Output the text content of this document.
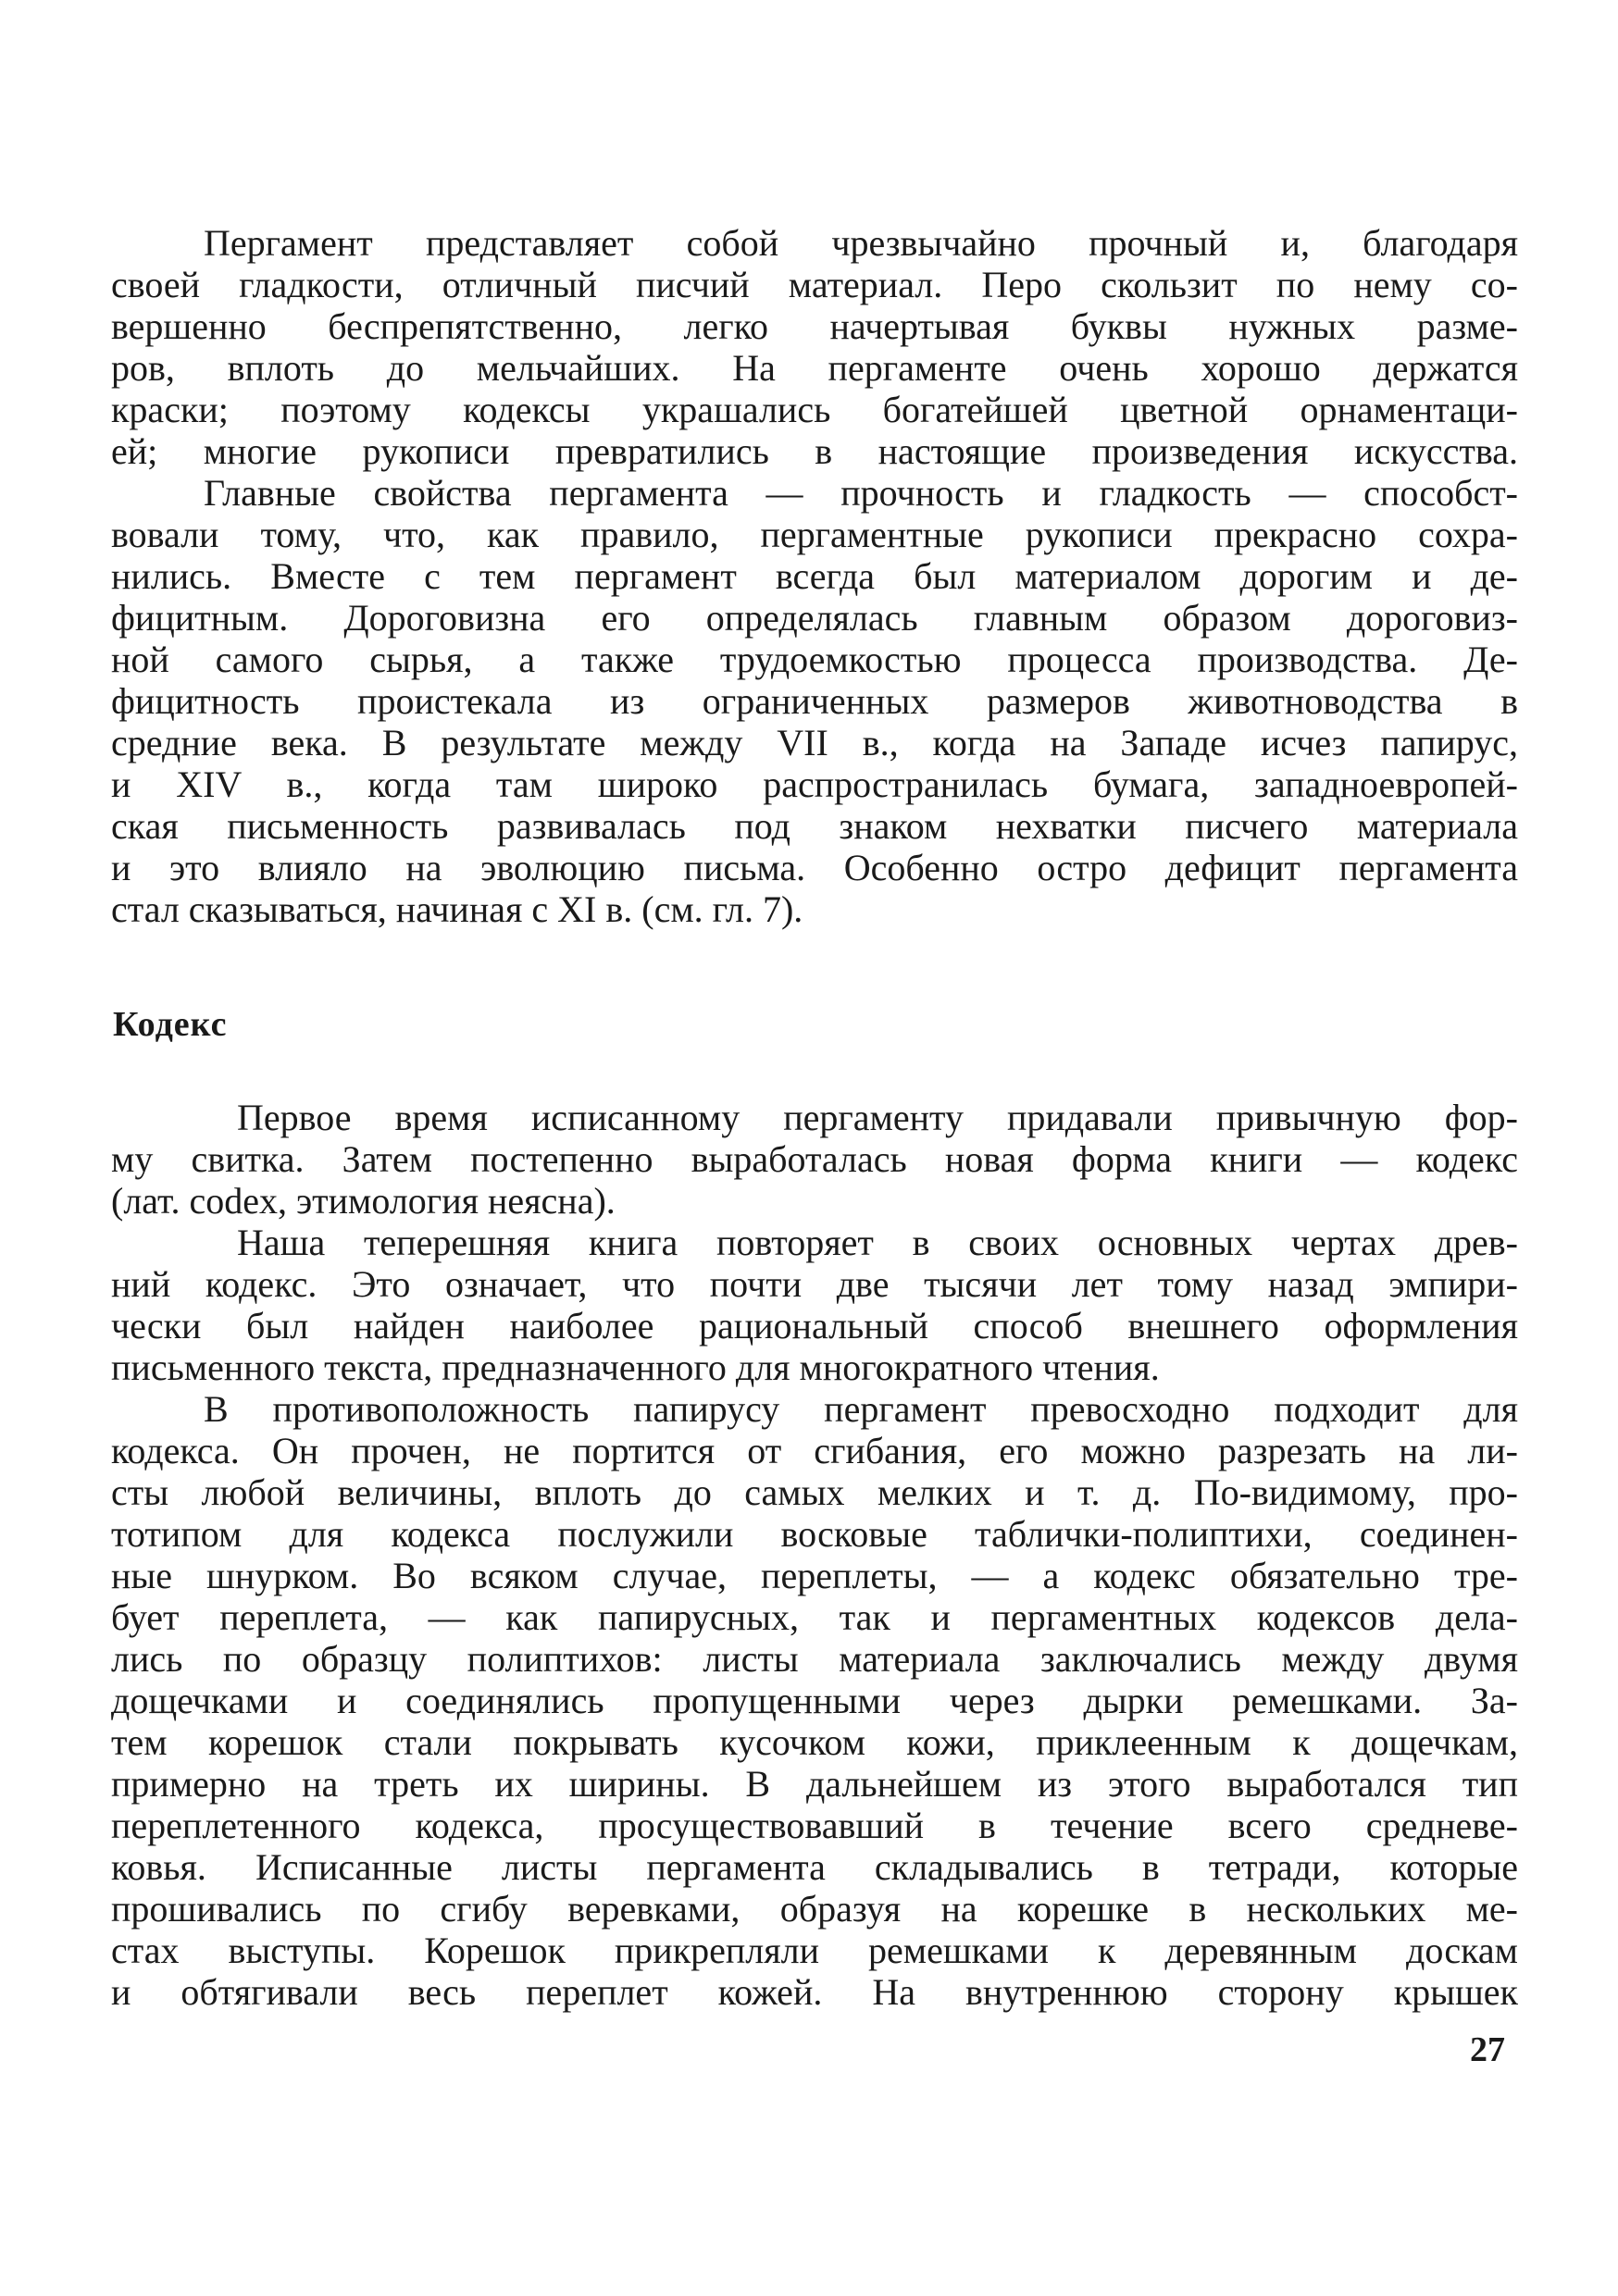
Пергамент представляет собой чрезвычайно прочный и, благодаря
своей гладкости, отличный писчий материал. Перо скользит по нему со-
вершенно беспрепятственно, легко начертывая буквы нужных разме-
ров, вплоть до мельчайших. На пергаменте очень хорошо держатся
краски; поэтому кодексы украшались богатейшей цветной орнаментаци-
ей; многие рукописи превратились в настоящие произведения искусства.
Главные свойства пергамента — прочность и гладкость — способст-
вовали тому, что, как правило, пергаментные рукописи прекрасно сохра-
нились. Вместе с тем пергамент всегда был материалом дорогим и де-
фицитным. Дороговизна его определялась главным образом дороговиз-
ной самого сырья, а также трудоемкостью процесса производства. Де-
фицитность проистекала из ограниченных размеров животноводства в
средние века. В результате между VII в., когда на Западе исчез папирус,
и XIV в., когда там широко распространилась бумага, западноевропей-
ская письменность развивалась под знаком нехватки писчего материала
и это влияло на эволюцию письма. Особенно остро дефицит пергамента
стал сказываться, начиная с XI в. (см. гл. 7).
Кодекс
Первое время исписанному пергаменту придавали привычную фор-
му свитка. Затем постепенно выработалась новая форма книги — кодекс
(лат. codex, этимология неясна).
Наша теперешняя книга повторяет в своих основных чертах древ-
ний кодекс. Это означает, что почти две тысячи лет тому назад эмпири-
чески был найден наиболее рациональный способ внешнего оформления
письменного текста, предназначенного для многократного чтения.
В противоположность папирусу пергамент превосходно подходит для
кодекса. Он прочен, не портится от сгибания, его можно разрезать на ли-
сты любой величины, вплоть до самых мелких и т. д. По-видимому, про-
тотипом для кодекса послужили восковые таблички-полиптихи, соединен-
ные шнурком. Во всяком случае, переплеты, — а кодекс обязательно тре-
бует переплета, — как папирусных, так и пергаментных кодексов дела-
лись по образцу полиптихов: листы материала заключались между двумя
дощечками и соединялись пропущенными через дырки ремешками. За-
тем корешок стали покрывать кусочком кожи, приклеенным к дощечкам,
примерно на треть их ширины. В дальнейшем из этого выработался тип
переплетенного кодекса, просуществовавший в течение всего средневе-
ковья. Исписанные листы пергамента складывались в тетради, которые
прошивались по сгибу веревками, образуя на корешке в нескольких ме-
стах выступы. Корешок прикрепляли ремешками к деревянным доскам
и обтягивали весь переплет кожей. На внутреннюю сторону крышек
27
